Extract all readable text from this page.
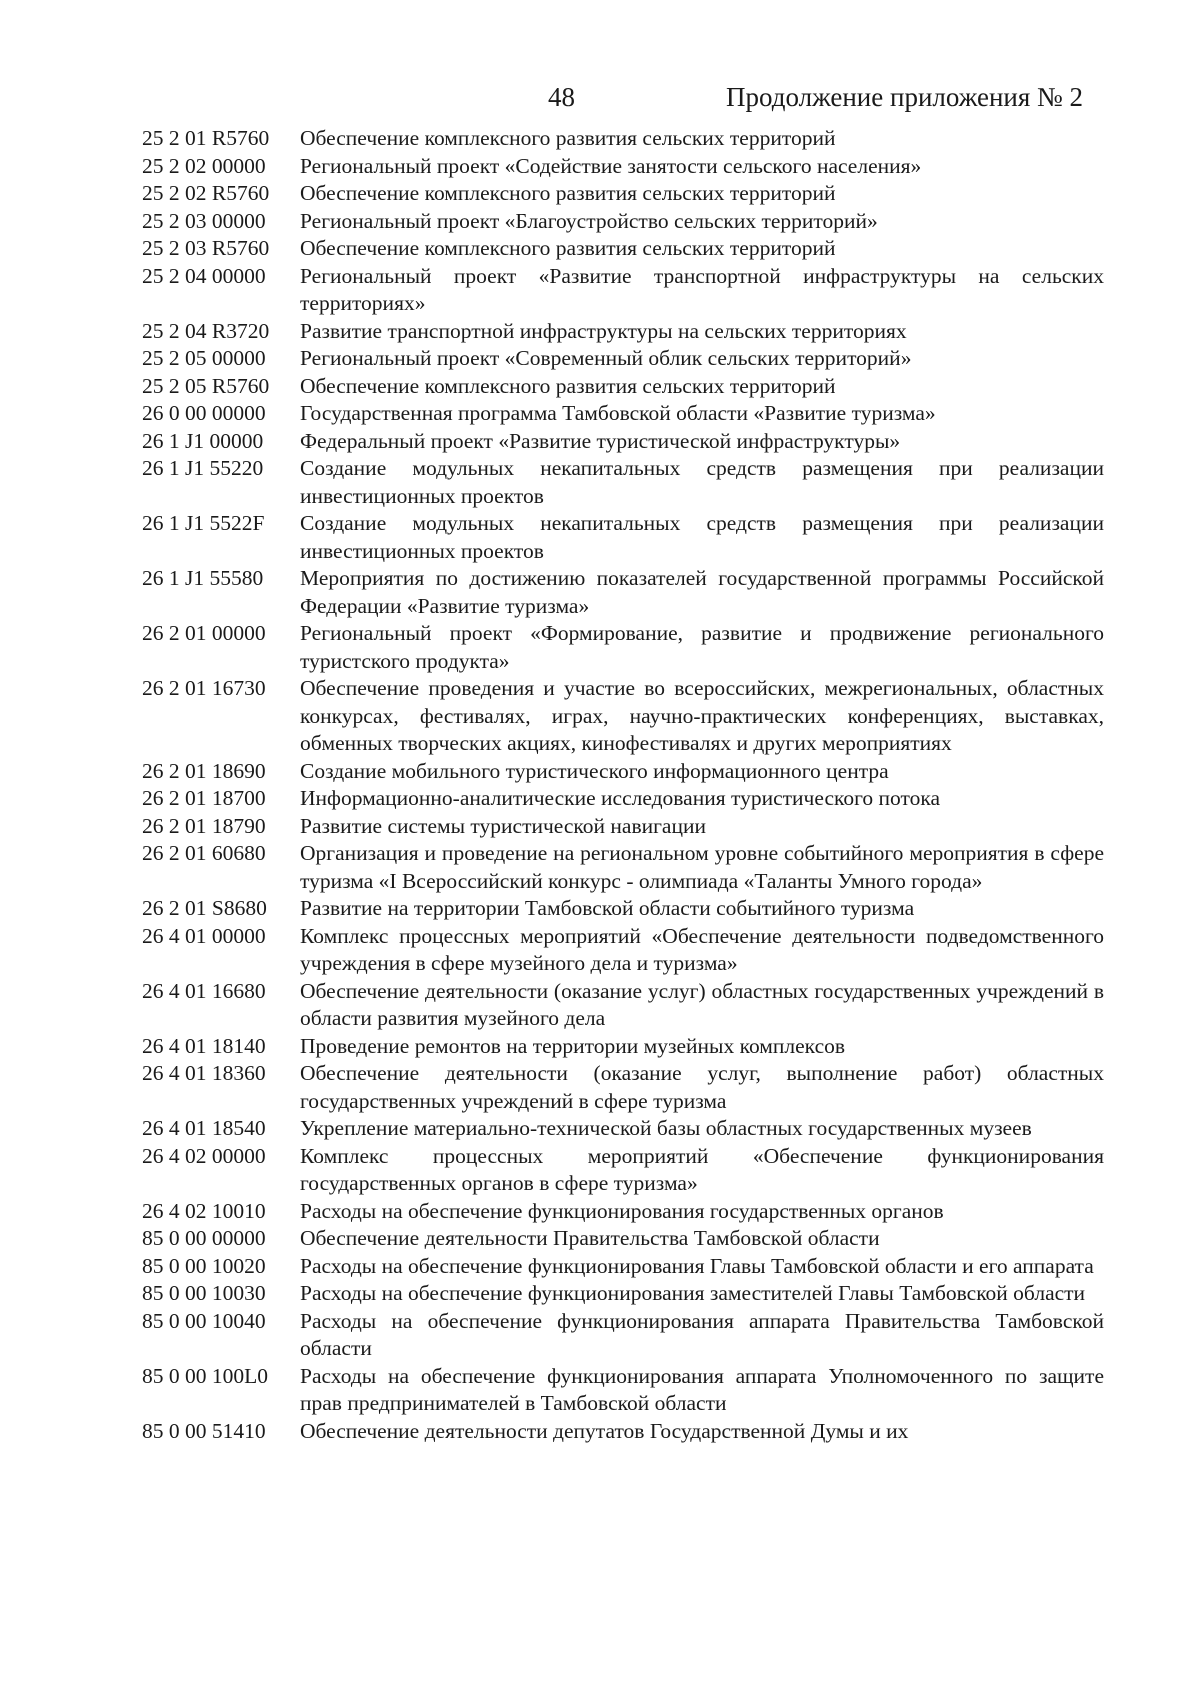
48	Продолжение приложения № 2
25 2 01 R5760	Обеспечение комплексного развития сельских территорий
25 2 02 00000	Региональный проект «Содействие занятости сельского населения»
25 2 02 R5760	Обеспечение комплексного развития сельских территорий
25 2 03 00000	Региональный проект «Благоустройство сельских территорий»
25 2 03 R5760	Обеспечение комплексного развития сельских территорий
25 2 04 00000	Региональный проект «Развитие транспортной инфраструктуры на сельских территориях»
25 2 04 R3720	Развитие транспортной инфраструктуры на сельских территориях
25 2 05 00000	Региональный проект «Современный облик сельских территорий»
25 2 05 R5760	Обеспечение комплексного развития сельских территорий
26 0 00 00000	Государственная программа Тамбовской области «Развитие туризма»
26 1 J1 00000	Федеральный проект «Развитие туристической инфраструктуры»
26 1 J1 55220	Создание модульных некапитальных средств размещения при реализации инвестиционных проектов
26 1 J1 5522F	Создание модульных некапитальных средств размещения при реализации инвестиционных проектов
26 1 J1 55580	Мероприятия по достижению показателей государственной программы Российской Федерации «Развитие туризма»
26 2 01 00000	Региональный проект «Формирование, развитие и продвижение регионального туристского продукта»
26 2 01 16730	Обеспечение проведения и участие во всероссийских, межрегиональных, областных конкурсах, фестивалях, играх, научно-практических конференциях, выставках, обменных творческих акциях, кинофестивалях и других мероприятиях
26 2 01 18690	Создание мобильного туристического информационного центра
26 2 01 18700	Информационно-аналитические исследования туристического потока
26 2 01 18790	Развитие системы туристической навигации
26 2 01 60680	Организация и проведение на региональном уровне событийного мероприятия в сфере туризма «I Всероссийский конкурс - олимпиада «Таланты Умного города»
26 2 01 S8680	Развитие на территории Тамбовской области событийного туризма
26 4 01 00000	Комплекс процессных мероприятий «Обеспечение деятельности подведомственного учреждения в сфере музейного дела и туризма»
26 4 01 16680	Обеспечение деятельности (оказание услуг) областных государственных учреждений в области развития музейного дела
26 4 01 18140	Проведение ремонтов на территории музейных комплексов
26 4 01 18360	Обеспечение деятельности (оказание услуг, выполнение работ) областных государственных учреждений в сфере туризма
26 4 01 18540	Укрепление материально-технической базы областных государственных музеев
26 4 02 00000	Комплекс процессных мероприятий «Обеспечение функционирования государственных органов в сфере туризма»
26 4 02 10010	Расходы на обеспечение функционирования государственных органов
85 0 00 00000	Обеспечение деятельности Правительства Тамбовской области
85 0 00 10020	Расходы на обеспечение функционирования Главы Тамбовской области и его аппарата
85 0 00 10030	Расходы на обеспечение функционирования заместителей Главы Тамбовской области
85 0 00 10040	Расходы на обеспечение функционирования аппарата Правительства Тамбовской области
85 0 00 100L0	Расходы на обеспечение функционирования аппарата Уполномоченного по защите прав предпринимателей в Тамбовской области
85 0 00 51410	Обеспечение деятельности депутатов Государственной Думы и их
